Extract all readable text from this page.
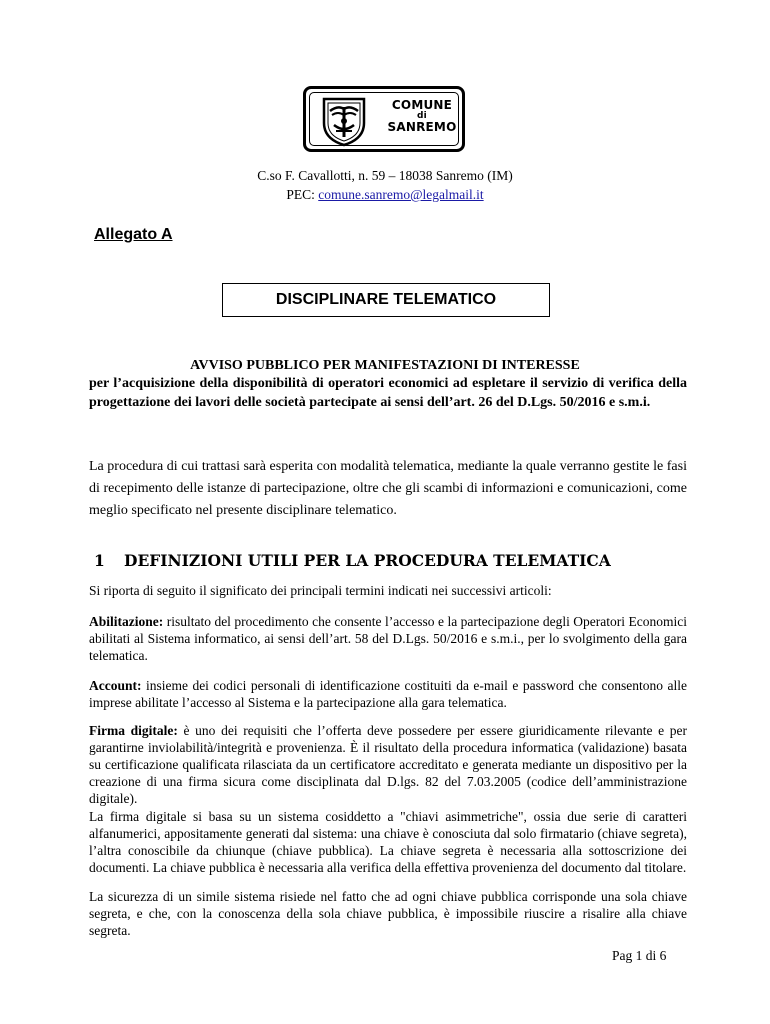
COMUNE
di
SANREMO
C.so F. Cavallotti, n. 59 – 18038 Sanremo (IM)
PEC: comune.sanremo@legalmail.it
Allegato A
DISCIPLINARE TELEMATICO
AVVISO PUBBLICO PER MANIFESTAZIONI DI INTERESSE
per l’acquisizione della disponibilità di operatori economici ad espletare il servizio di verifica della progettazione dei lavori delle società partecipate ai sensi dell’art. 26 del D.Lgs. 50/2016 e s.m.i.

La procedura di cui trattasi sarà esperita con modalità telematica, mediante la quale verranno gestite le fasi di recepimento delle istanze di partecipazione, oltre che gli scambi di informazioni e comunicazioni, come meglio specificato nel presente disciplinare telematico.

1 DEFINIZIONI UTILI PER LA PROCEDURA TELEMATICA

Si riporta di seguito il significato dei principali termini indicati nei successivi articoli:

Abilitazione: risultato del procedimento che consente l’accesso e la partecipazione degli Operatori Economici abilitati al Sistema informatico, ai sensi dell’art. 58 del D.Lgs. 50/2016 e s.m.i., per lo svolgimento della gara telematica.

Account: insieme dei codici personali di identificazione costituiti da e-mail e password che consentono alle imprese abilitate l’accesso al Sistema e la partecipazione alla gara telematica.

Firma digitale: è uno dei requisiti che l’offerta deve possedere per essere giuridicamente rilevante e per garantirne inviolabilità/integrità e provenienza. È il risultato della procedura informatica (validazione) basata su certificazione qualificata rilasciata da un certificatore accreditato e generata mediante un dispositivo per la creazione di una firma sicura come disciplinata dal D.lgs. 82 del 7.03.2005 (codice dell’amministrazione digitale).

La firma digitale si basa su un sistema cosiddetto a "chiavi asimmetriche", ossia due serie di caratteri alfanumerici, appositamente generati dal sistema: una chiave è conosciuta dal solo firmatario (chiave segreta), l’altra conoscibile da chiunque (chiave pubblica). La chiave segreta è necessaria alla sottoscrizione dei documenti. La chiave pubblica è necessaria alla verifica della effettiva provenienza del documento dal titolare.

La sicurezza di un simile sistema risiede nel fatto che ad ogni chiave pubblica corrisponde una sola chiave segreta, e che, con la conoscenza della sola chiave pubblica, è impossibile riuscire a risalire alla chiave segreta.

Pag 1 di 6
